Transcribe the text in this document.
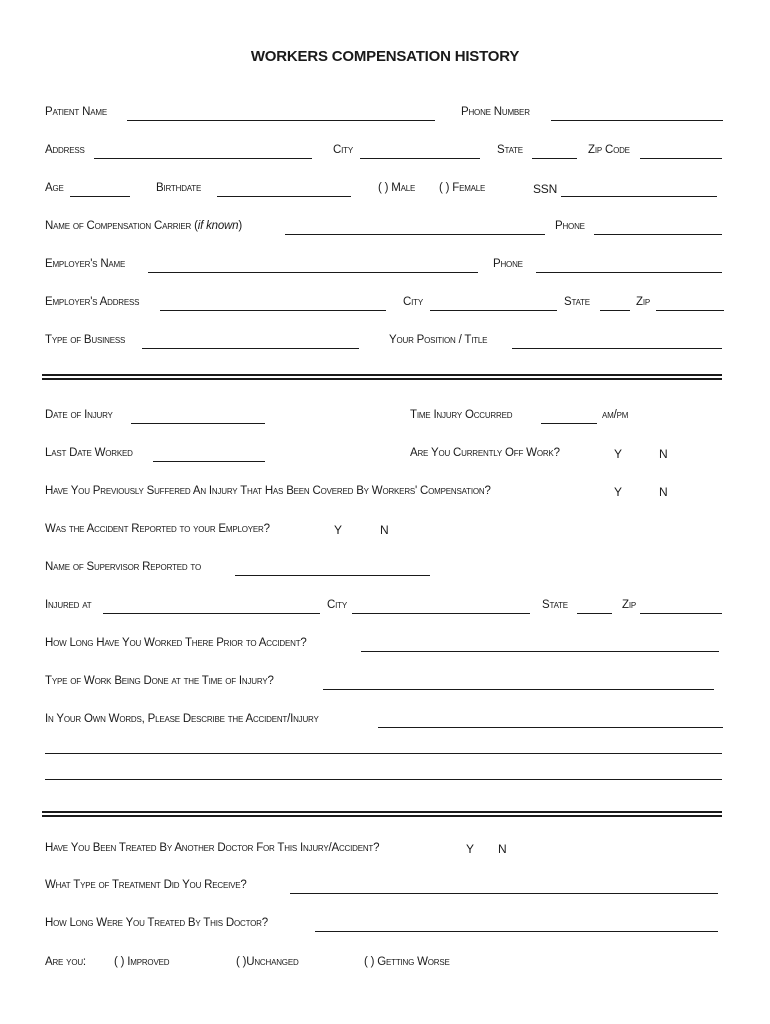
WORKERS COMPENSATION HISTORY
Patient Name	Phone Number
Address	City	State	Zip Code
Age	Birthdate	( ) Male ( ) Female	SSN
Name of Compensation Carrier (if known)	Phone
Employer's Name	Phone
Employer's Address	City	State	Zip
Type of Business	Your Position / Title
Date of Injury	Time Injury Occurred	am/pm
Last Date Worked	Are You Currently Off Work?	Y	N
Have You Previously Suffered An Injury That Has Been Covered By Workers' Compensation?	Y	N
Was the Accident Reported to your Employer?	Y	N
Name of Supervisor Reported to
Injured at	City	State	Zip
How Long Have You Worked There Prior to Accident?
Type of Work Being Done at the Time of Injury?
In Your Own Words, Please Describe the Accident/Injury
Have You Been Treated By Another Doctor For This Injury/Accident?	Y N
What Type of Treatment Did You Receive?
How Long Were You Treated By This Doctor?
Are you: ( ) Improved	( )Unchanged	( ) Getting Worse
